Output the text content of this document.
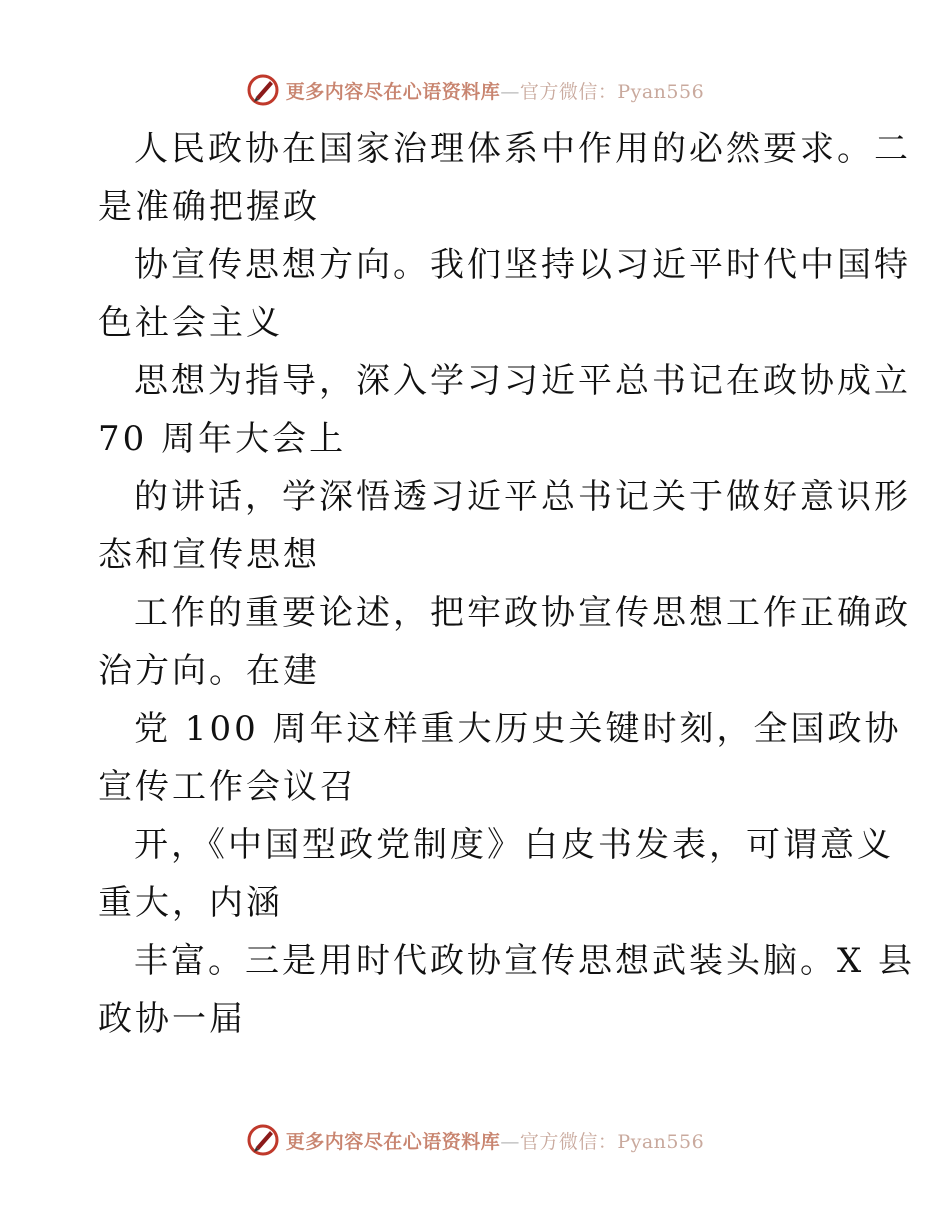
更多内容尽在心语资料库—官方微信：Pyan556

人民政协在国家治理体系中作用的必然要求。二
是准确把握政

协宣传思想方向。我们坚持以习近平时代中国特
色社会主义

思想为指导，深入学习习近平总书记在政协成立
70 周年大会上

的讲话，学深悟透习近平总书记关于做好意识形
态和宣传思想

工作的重要论述，把牢政协宣传思想工作正确政
治方向。在建

党 100 周年这样重大历史关键时刻，全国政协
宣传工作会议召

开，《中国型政党制度》白皮书发表，可谓意义
重大，内涵

丰富。三是用时代政协宣传思想武装头脑。X 县
政协一届

更多内容尽在心语资料库—官方微信：Pyan556
